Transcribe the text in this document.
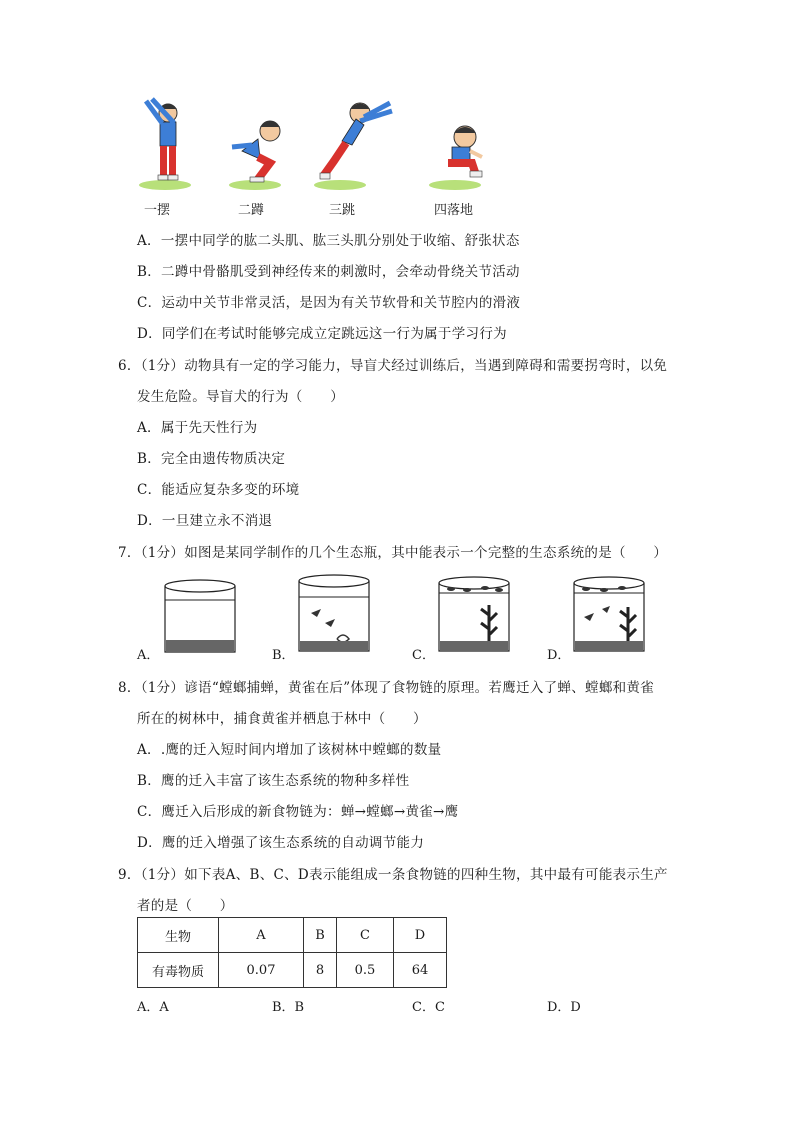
一摆	二蹲	三跳	四落地
A．一摆中同学的肱二头肌、肱三头肌分别处于收缩、舒张状态
B．二蹲中骨骼肌受到神经传来的刺激时，会牵动骨绕关节活动
C．运动中关节非常灵活，是因为有关节软骨和关节腔内的滑液
D．同学们在考试时能够完成立定跳远这一行为属于学习行为
6．（1分）动物具有一定的学习能力，导盲犬经过训练后，当遇到障碍和需要拐弯时，以免
发生危险。导盲犬的行为（　　）
A．属于先天性行为
B．完全由遗传物质决定
C．能适应复杂多变的环境
D．一旦建立永不消退
7．（1分）如图是某同学制作的几个生态瓶，其中能表示一个完整的生态系统的是（　　）
A．	B．	C．	D．
8．（1分）谚语“螳螂捕蝉，黄雀在后”体现了食物链的原理。若鹰迁入了蝉、螳螂和黄雀
所在的树林中，捕食黄雀并栖息于林中（　　）
A．.鹰的迁入短时间内增加了该树林中螳螂的数量
B．鹰的迁入丰富了该生态系统的物种多样性
C．鹰迁入后形成的新食物链为：蝉→螳螂→黄雀→鹰
D．鹰的迁入增强了该生态系统的自动调节能力
9．（1分）如下表A、B、C、D表示能组成一条食物链的四种生物，其中最有可能表示生产
者的是（　　）
生物	A	B	C	D
有毒物质	0.07	8	0.5	64
A．A	B．B	C．C	D．D
